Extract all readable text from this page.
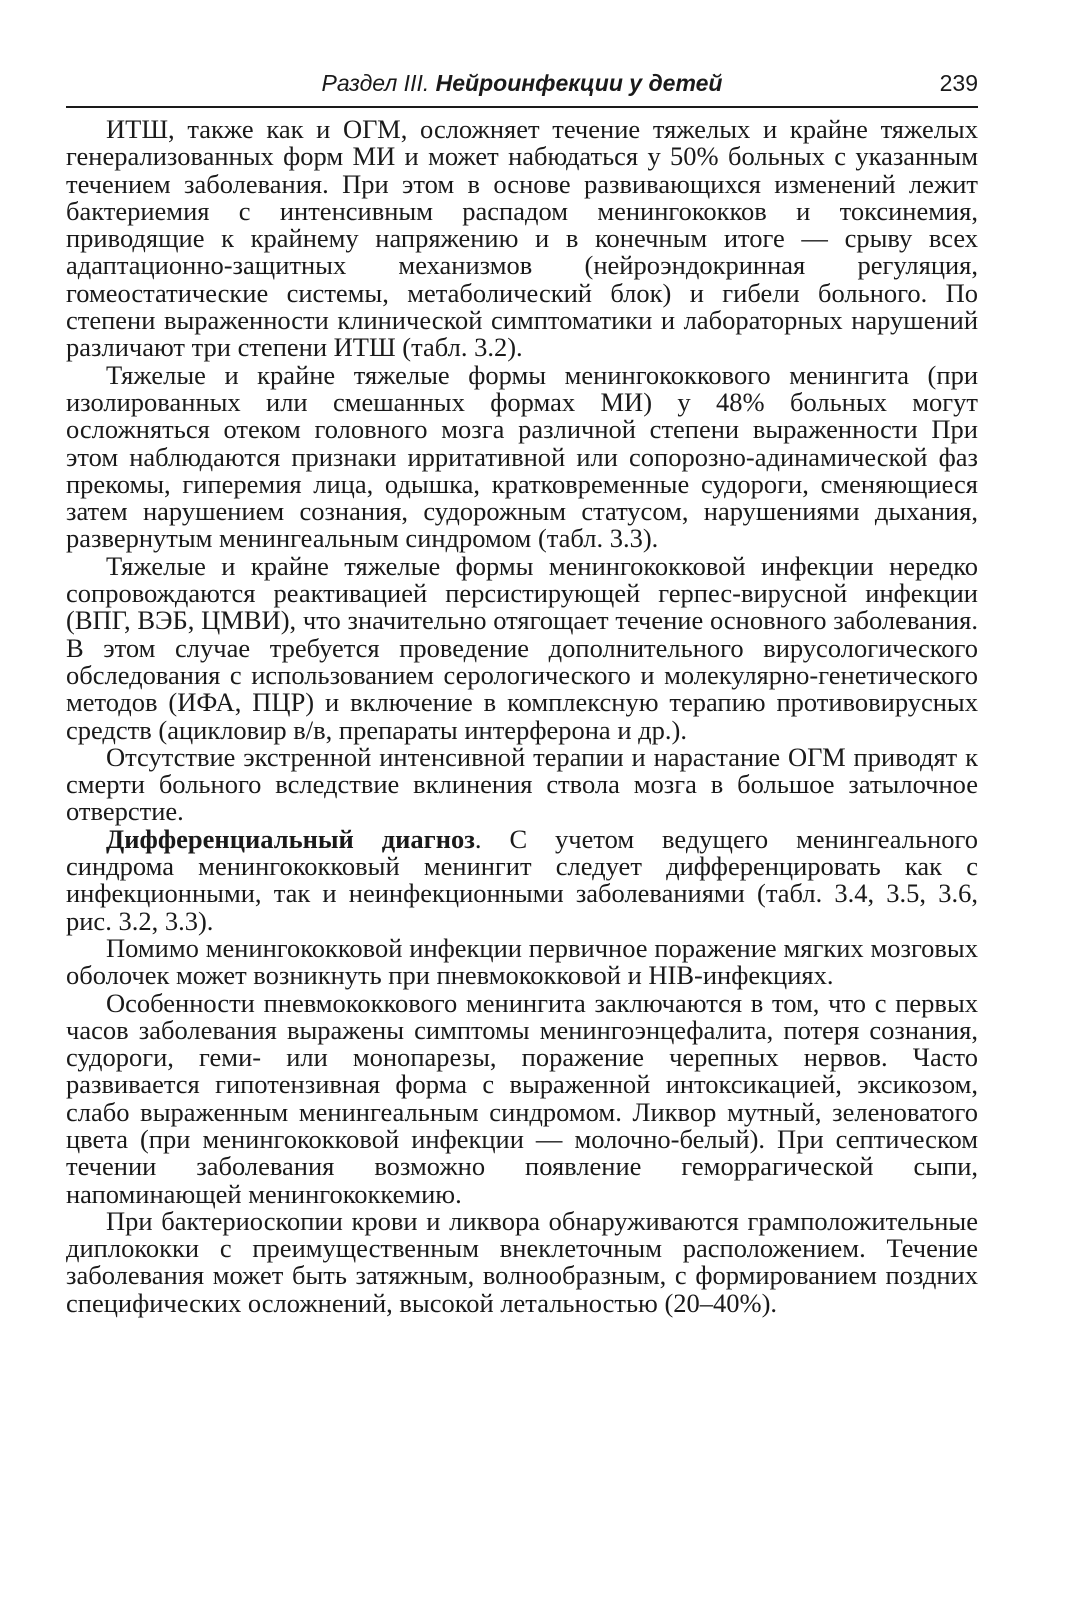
Раздел III. Нейроинфекции у детей	239

ИТШ, также как и ОГМ, осложняет течение тяжелых и крайне тяжелых генерализованных форм МИ и может набюдаться у 50% больных с указанным течением заболевания. При этом в основе развивающихся изменений лежит бактериемия с интенсивным распадом менингококков и токсинемия, приводящие к крайнему напряжению и в конечным итоге — срыву всех адаптационно-защитных механизмов (нейроэндокринная регуляция, гомеостатические системы, метаболический блок) и гибели больного. По степени выраженности клинической симптоматики и лабораторных нарушений различают три степени ИТШ (табл. 3.2).

Тяжелые и крайне тяжелые формы менингококкового менингита (при изолированных или смешанных формах МИ) у 48% больных могут осложняться отеком головного мозга различной степени выраженности При этом наблюдаются признаки ирритативной или сопорозно-адинамической фаз прекомы, гиперемия лица, одышка, кратковременные судороги, сменяющиеся затем нарушением сознания, судорожным статусом, нарушениями дыхания, развернутым менингеальным синдромом (табл. 3.3).

Тяжелые и крайне тяжелые формы менингококковой инфекции нередко сопровождаются реактивацией персистирующей герпес-вирусной инфекции (ВПГ, ВЭБ, ЦМВИ), что значительно отягощает течение основного заболевания. В этом случае требуется проведение дополнительного вирусологического обследования с использованием серологического и молекулярно-генетического методов (ИФА, ПЦР) и включение в комплексную терапию противовирусных средств (ацикловир в/в, препараты интерферона и др.).

Отсутствие экстренной интенсивной терапии и нарастание ОГМ приводят к смерти больного вследствие вклинения ствола мозга в большое затылочное отверстие.

Дифференциальный диагноз. С учетом ведущего менингеального синдрома менингококковый менингит следует дифференцировать как с инфекционными, так и неинфекционными заболеваниями (табл. 3.4, 3.5, 3.6, рис. 3.2, 3.3).

Помимо менингококковой инфекции первичное поражение мягких мозговых оболочек может возникнуть при пневмококковой и HIB-инфекциях.

Особенности пневмококкового менингита заключаются в том, что с первых часов заболевания выражены симптомы менингоэнцефалита, потеря сознания, судороги, геми- или монопарезы, поражение черепных нервов. Часто развивается гипотензивная форма с выраженной интоксикацией, эксикозом, слабо выраженным менингеальным синдромом. Ликвор мутный, зеленоватого цвета (при менингококковой инфекции — молочно-белый). При септическом течении заболевания возможно появление геморрагической сыпи, напоминающей менингококкемию.

При бактериоскопии крови и ликвора обнаруживаются грамположительные диплококки с преимущественным внеклеточным расположением. Течение заболевания может быть затяжным, волнообразным, с формированием поздних специфических осложнений, высокой летальностью (20–40%).
